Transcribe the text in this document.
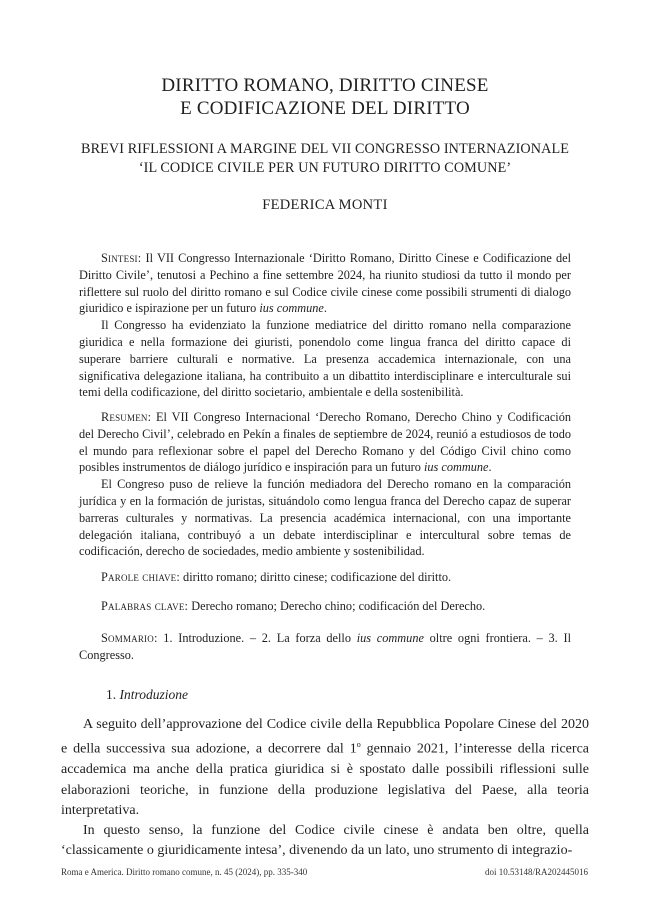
DIRITTO ROMANO, DIRITTO CINESE
E CODIFICAZIONE DEL DIRITTO
BREVI RIFLESSIONI A MARGINE DEL VII CONGRESSO INTERNAZIONALE
‘IL CODICE CIVILE PER UN FUTURO DIRITTO COMUNE’
FEDERICA MONTI

Sintesi: Il VII Congresso Internazionale ‘Diritto Romano, Diritto Cinese e Codificazione del Diritto Civile’, tenutosi a Pechino a fine settembre 2024, ha riunito studiosi da tutto il mondo per riflettere sul ruolo del diritto romano e sul Codice civile cinese come possibili strumenti di dialogo giuridico e ispirazione per un futuro ius commune.

Il Congresso ha evidenziato la funzione mediatrice del diritto romano nella comparazione giuridica e nella formazione dei giuristi, ponendolo come lingua franca del diritto capace di superare barriere culturali e normative. La presenza accademica internazionale, con una significativa delegazione italiana, ha contribuito a un dibattito interdisciplinare e interculturale sui temi della codificazione, del diritto societario, ambientale e della sostenibilità.

Resumen: El VII Congreso Internacional ‘Derecho Romano, Derecho Chino y Codificación del Derecho Civil’, celebrado en Pekín a finales de septiembre de 2024, reunió a estudiosos de todo el mundo para reflexionar sobre el papel del Derecho Romano y del Código Civil chino como posibles instrumentos de diálogo jurídico e inspiración para un futuro ius commune.

El Congreso puso de relieve la función mediadora del Derecho romano en la comparación jurídica y en la formación de juristas, situándolo como lengua franca del Derecho capaz de superar barreras culturales y normativas. La presencia académica internacional, con una importante delegación italiana, contribuyó a un debate interdisciplinar e intercultural sobre temas de codificación, derecho de sociedades, medio ambiente y sostenibilidad.

Parole chiave: diritto romano; diritto cinese; codificazione del diritto.

Palabras clave: Derecho romano; Derecho chino; codificación del Derecho.

Sommario: 1. Introduzione. – 2. La forza dello ius commune oltre ogni frontiera. – 3. Il Congresso.

1. Introduzione

A seguito dell’approvazione del Codice civile della Repubblica Popolare Cinese del 2020 e della successiva sua adozione, a decorrere dal 1$^o$ gennaio 2021, l’interesse della ricerca accademica ma anche della pratica giuridica si è spostato dalle possibili riflessioni sulle elaborazioni teoriche, in funzione della produzione legislativa del Paese, alla teoria interpretativa.

In questo senso, la funzione del Codice civile cinese è andata ben oltre, quella ‘classicamente o giuridicamente intesa’, divenendo da un lato, uno strumento di integrazio-

Roma e America. Diritto romano comune, n. 45 (2024), pp. 335-340	doi 10.53148/RA202445016
